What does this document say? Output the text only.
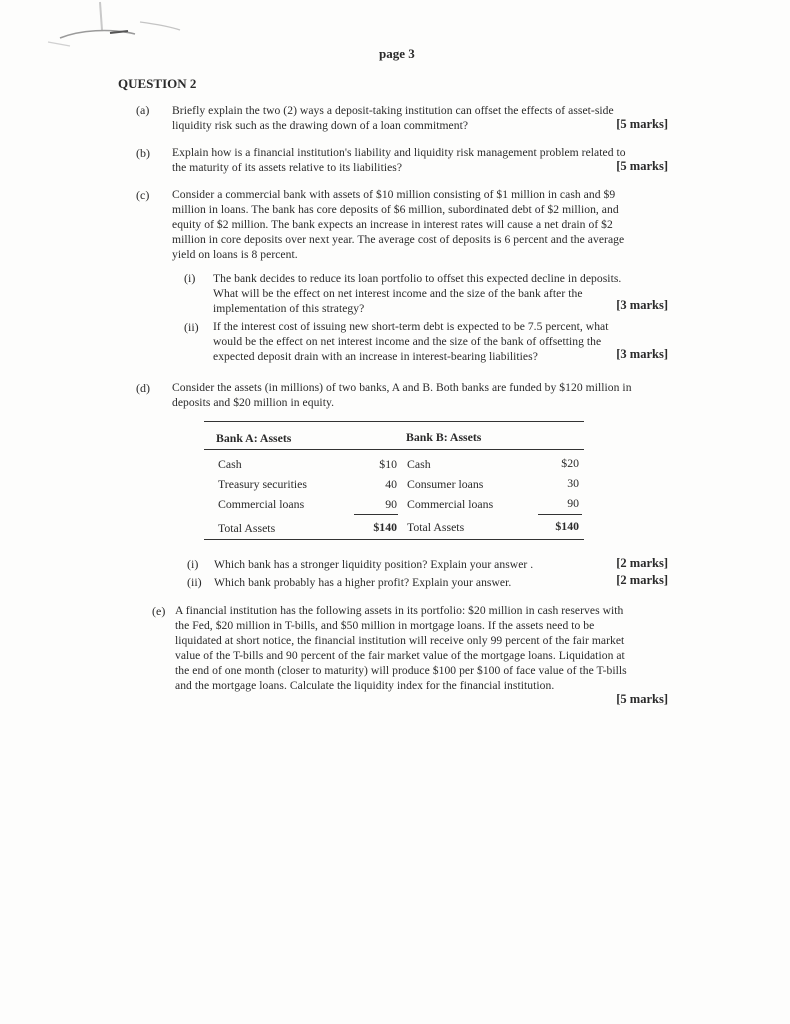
page 3
QUESTION 2
(a) Briefly explain the two (2) ways a deposit-taking institution can offset the effects of asset-side
liquidity risk such as the drawing down of a loan commitment?	[5 marks]
(b) Explain how is a financial institution's liability and liquidity risk management problem related to
the maturity of its assets relative to its liabilities?	[5 marks]
(c) Consider a commercial bank with assets of $10 million consisting of $1 million in cash and $9
million in loans. The bank has core deposits of $6 million, subordinated debt of $2 million, and
equity of $2 million. The bank expects an increase in interest rates will cause a net drain of $2
million in core deposits over next year. The average cost of deposits is 6 percent and the average
yield on loans is 8 percent.
(i) The bank decides to reduce its loan portfolio to offset this expected decline in deposits.
What will be the effect on net interest income and the size of the bank after the
implementation of this strategy?	[3 marks]
(ii) If the interest cost of issuing new short-term debt is expected to be 7.5 percent, what
would be the effect on net interest income and the size of the bank of offsetting the
expected deposit drain with an increase in interest-bearing liabilities?	[3 marks]
(d) Consider the assets (in millions) of two banks, A and B. Both banks are funded by $120 million in
deposits and $20 million in equity.
Bank A: Assets	Bank B: Assets
Cash	$10 Cash	$20
Treasury securities	40 Consumer loans	30
Commercial loans	90 Commercial loans	90
Total Assets	$140 Total Assets	$140
(i) Which bank has a stronger liquidity position? Explain your answer .	[2 marks]
(ii) Which bank probably has a higher profit? Explain your answer.	[2 marks]
(e) A financial institution has the following assets in its portfolio: $20 million in cash reserves with
the Fed, $20 million in T-bills, and $50 million in mortgage loans. If the assets need to be
liquidated at short notice, the financial institution will receive only 99 percent of the fair market
value of the T-bills and 90 percent of the fair market value of the mortgage loans. Liquidation at
the end of one month (closer to maturity) will produce $100 per $100 of face value of the T-bills
and the mortgage loans. Calculate the liquidity index for the financial institution.
[5 marks]
